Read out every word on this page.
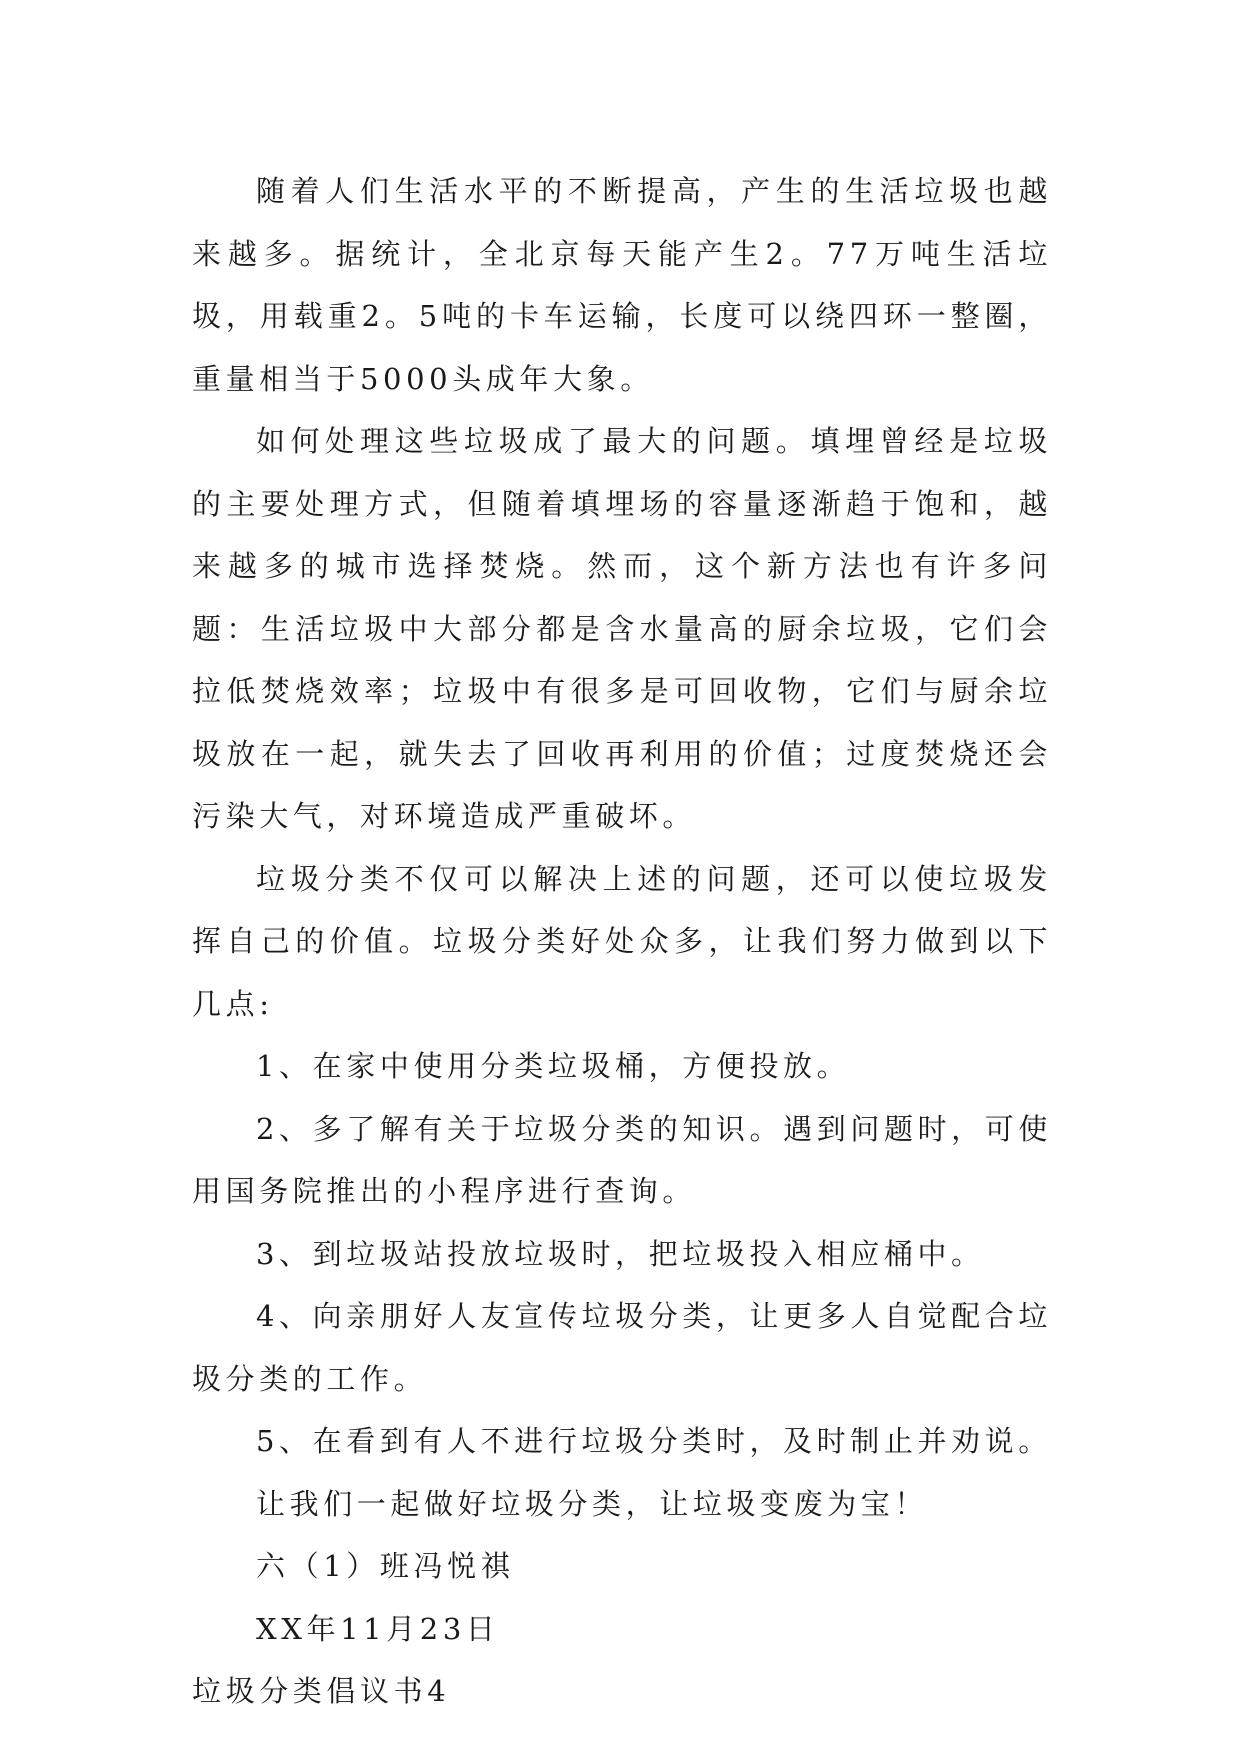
随着人们生活水平的不断提高，产生的生活垃圾也越来越多。据统计，全北京每天能产生2。77万吨生活垃圾，用载重2。5吨的卡车运输，长度可以绕四环一整圈，重量相当于5000头成年大象。

如何处理这些垃圾成了最大的问题。填埋曾经是垃圾的主要处理方式，但随着填埋场的容量逐渐趋于饱和，越来越多的城市选择焚烧。然而，这个新方法也有许多问题：生活垃圾中大部分都是含水量高的厨余垃圾，它们会拉低焚烧效率；垃圾中有很多是可回收物，它们与厨余垃圾放在一起，就失去了回收再利用的价值；过度焚烧还会污染大气，对环境造成严重破坏。

垃圾分类不仅可以解决上述的问题，还可以使垃圾发挥自己的价值。垃圾分类好处众多，让我们努力做到以下几点:

1、在家中使用分类垃圾桶，方便投放。

2、多了解有关于垃圾分类的知识。遇到问题时，可使用国务院推出的小程序进行查询。

3、到垃圾站投放垃圾时，把垃圾投入相应桶中。

4、向亲朋好人友宣传垃圾分类，让更多人自觉配合垃圾分类的工作。

5、在看到有人不进行垃圾分类时，及时制止并劝说。

让我们一起做好垃圾分类，让垃圾变废为宝！

六（1）班冯悦祺

XX年11月23日

垃圾分类倡议书4
